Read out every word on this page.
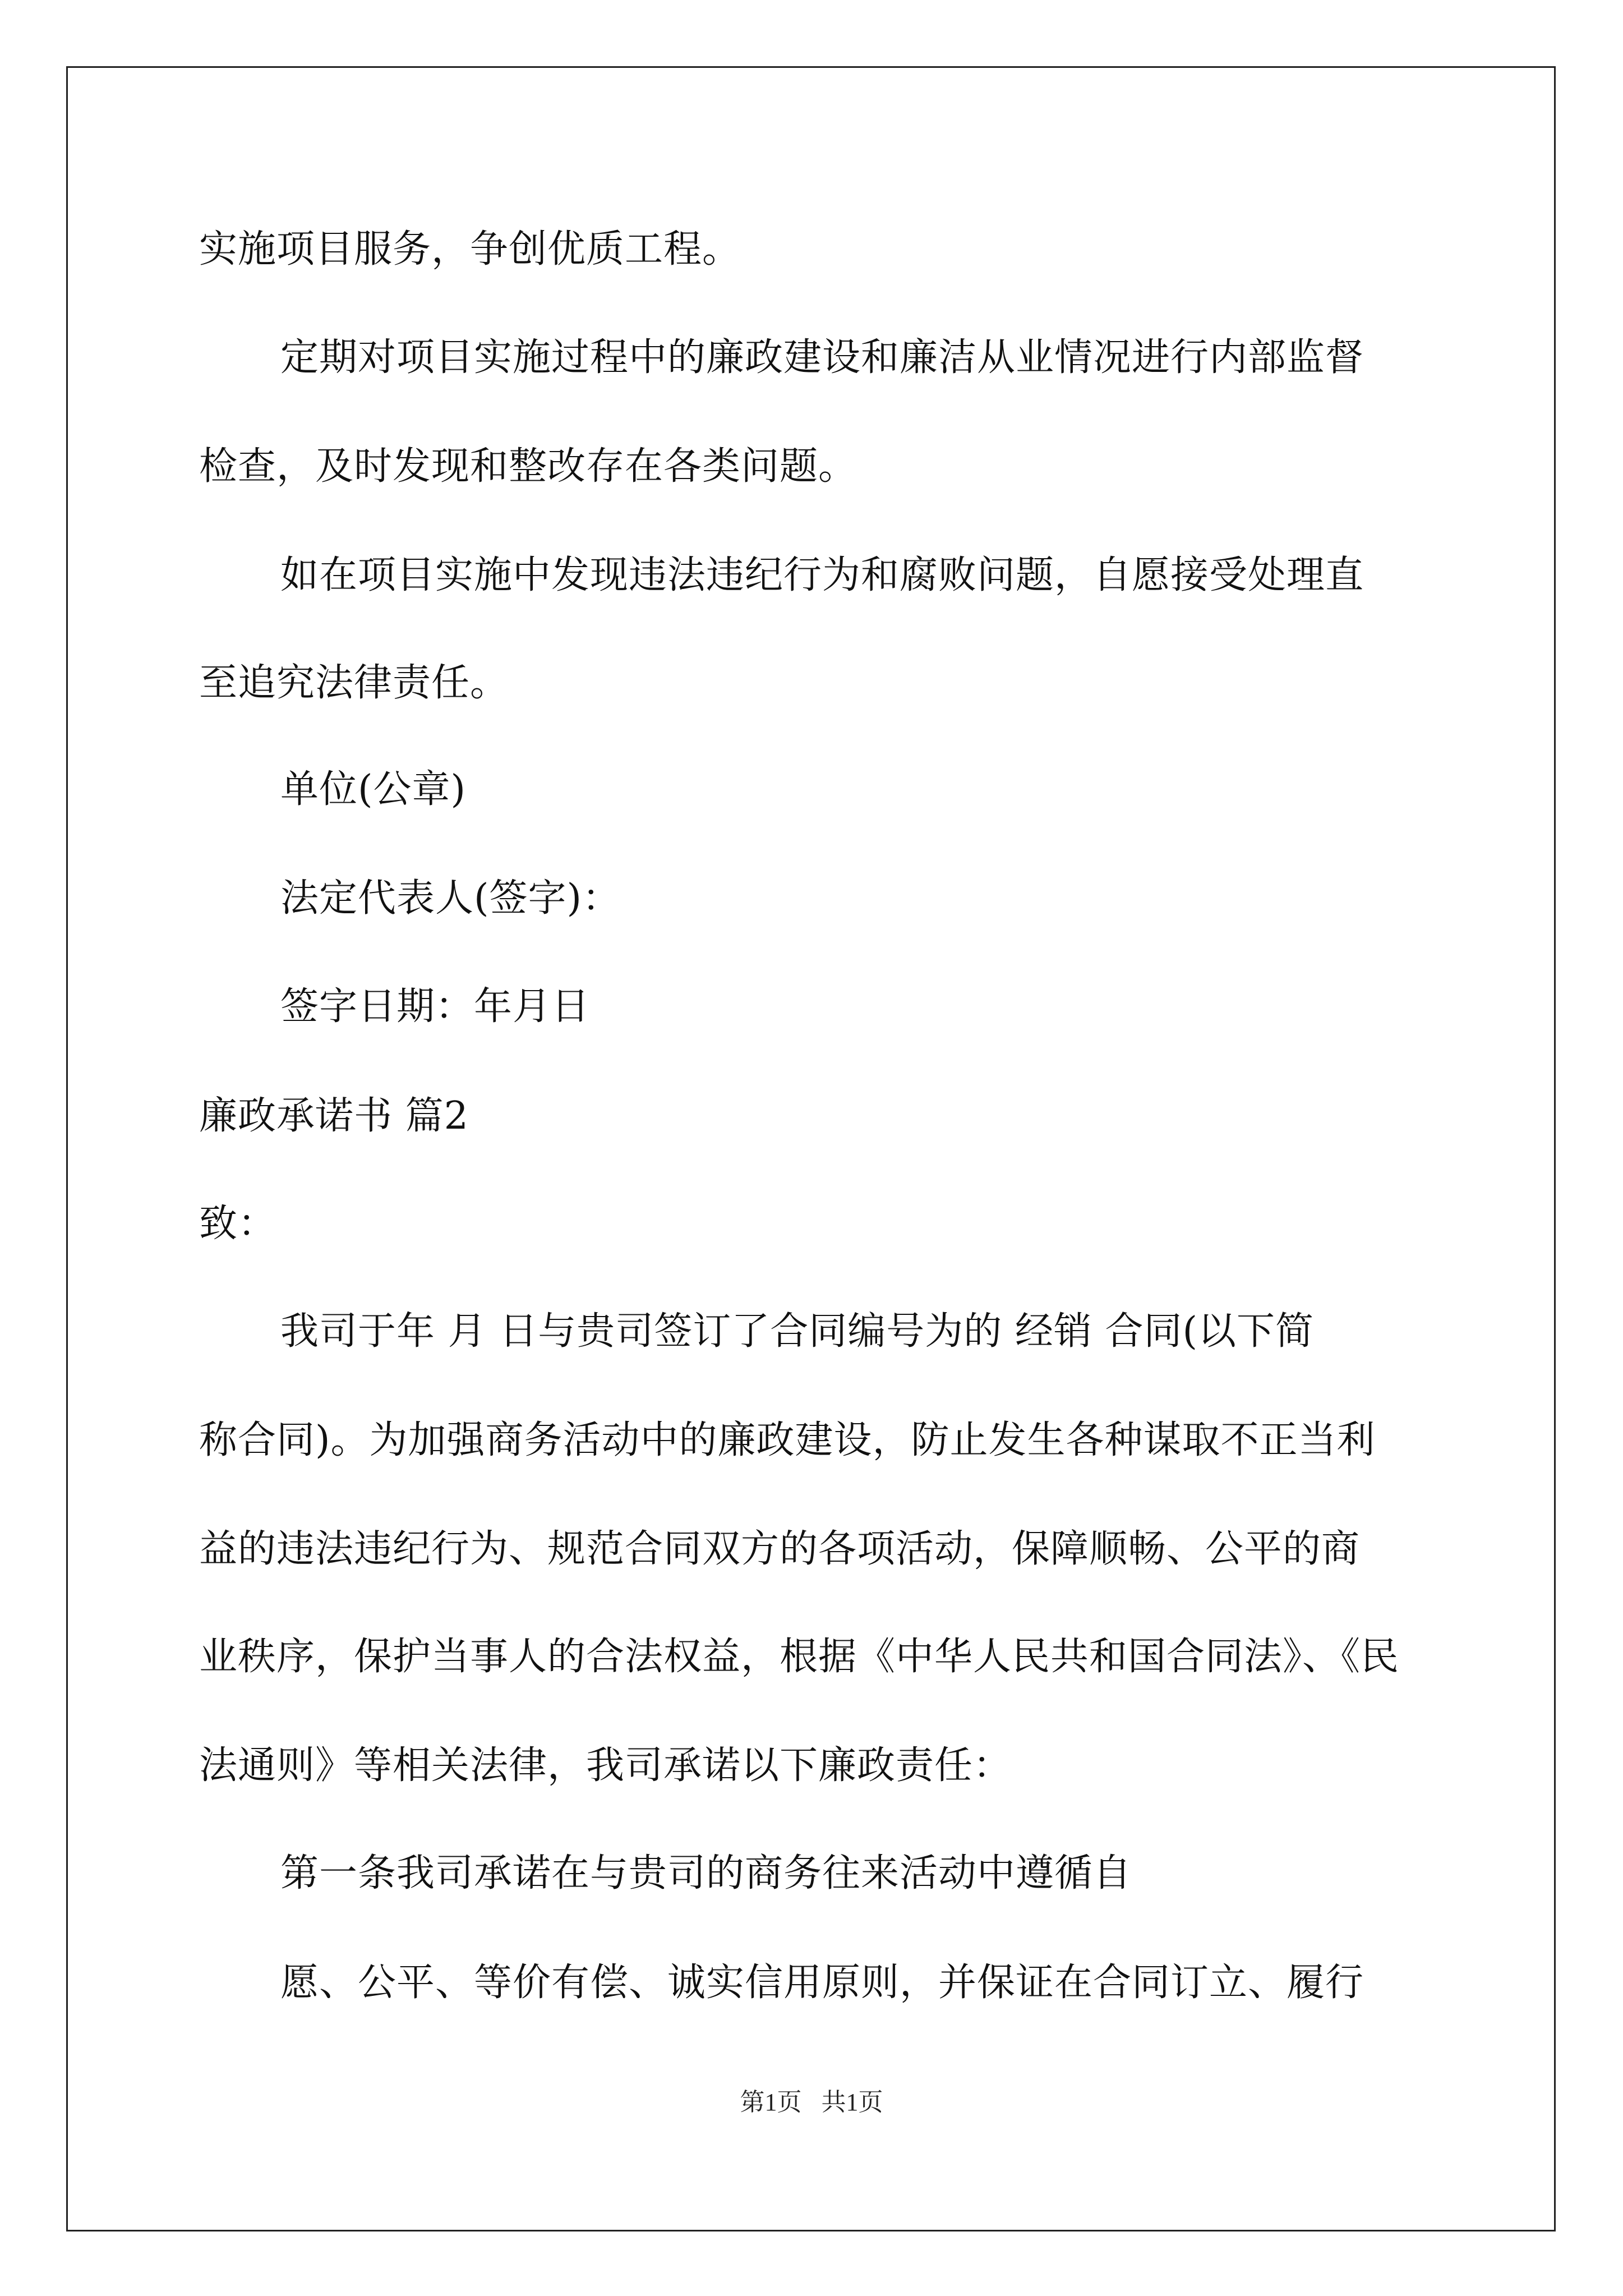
实施项目服务，争创优质工程。
定期对项目实施过程中的廉政建设和廉洁从业情况进行内部监督
检查，及时发现和整改存在各类问题。
如在项目实施中发现违法违纪行为和腐败问题，自愿接受处理直
至追究法律责任。
单位(公章)
法定代表人(签字)：
签字日期：年月日
廉政承诺书 篇2
致：
我司于年 月 日与贵司签订了合同编号为的 经销 合同(以下简
称合同)。为加强商务活动中的廉政建设，防止发生各种谋取不正当利
益的违法违纪行为、规范合同双方的各项活动，保障顺畅、公平的商
业秩序，保护当事人的合法权益，根据《中华人民共和国合同法》、《民
法通则》等相关法律，我司承诺以下廉政责任：
第一条我司承诺在与贵司的商务往来活动中遵循自
愿、公平、等价有偿、诚实信用原则，并保证在合同订立、履行
第1页 共1页
